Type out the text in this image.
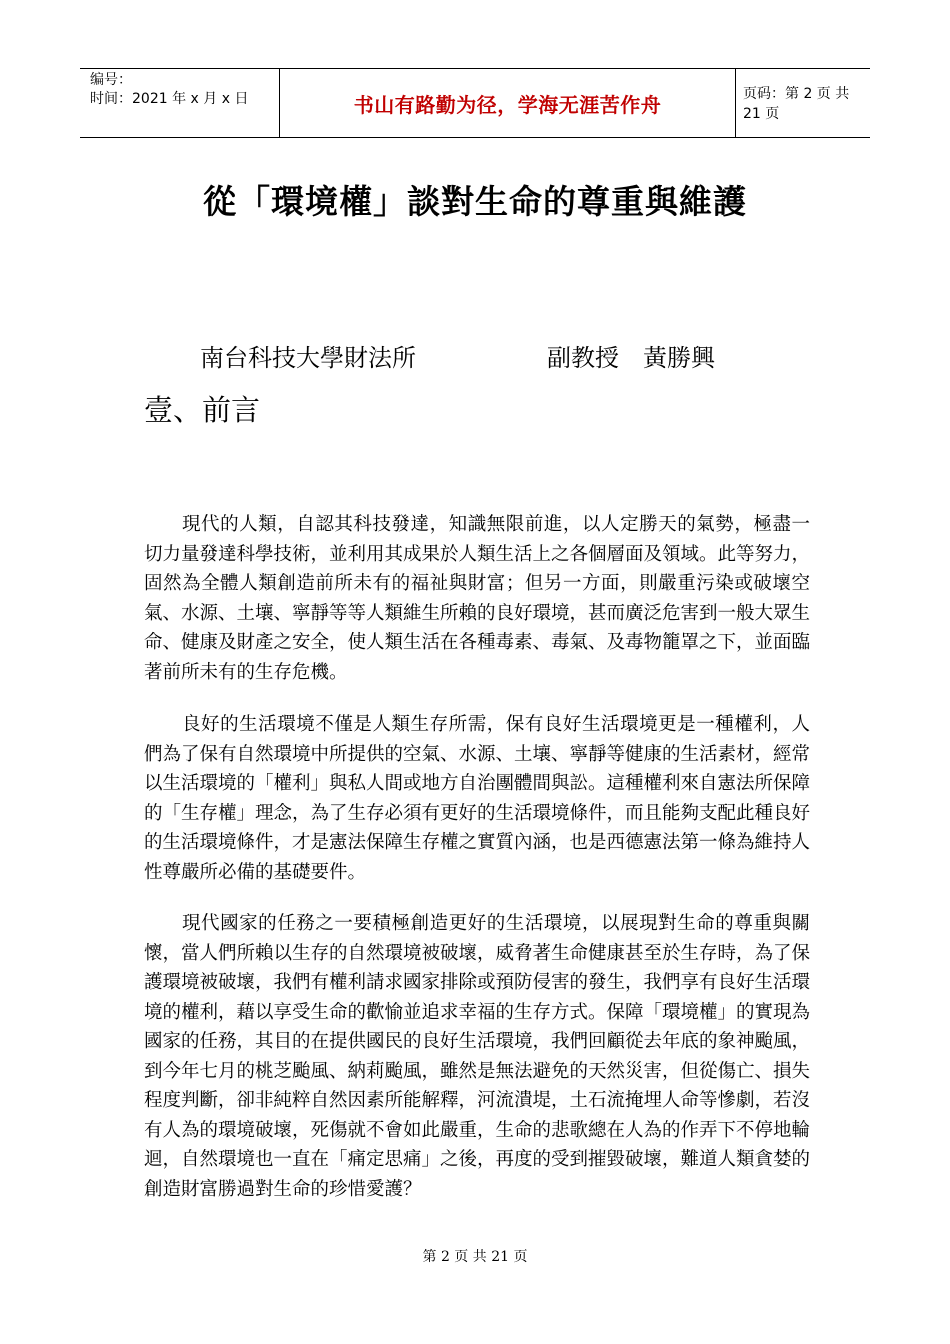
编号：
时间：2021 年 x 月 x 日	书山有路勤为径，学海无涯苦作舟	页码：第 2 页 共 21 页
從「環境權」談對生命的尊重與維護
南台科技大學財法所	副教授　黃勝興
壹、前言
現代的人類，自認其科技發達，知識無限前進，以人定勝天的氣勢，極盡一切力量發達科學技術，並利用其成果於人類生活上之各個層面及領域。此等努力，固然為全體人類創造前所未有的福祉與財富；但另一方面，則嚴重污染或破壞空氣、水源、土壤、寧靜等等人類維生所賴的良好環境，甚而廣泛危害到一般大眾生命、健康及財產之安全，使人類生活在各種毒素、毒氣、及毒物籠罩之下，並面臨著前所未有的生存危機。
良好的生活環境不僅是人類生存所需，保有良好生活環境更是一種權利，人們為了保有自然環境中所提供的空氣、水源、土壤、寧靜等健康的生活素材，經常以生活環境的「權利」與私人間或地方自治團體間與訟。這種權利來自憲法所保障的「生存權」理念，為了生存必須有更好的生活環境條件，而且能夠支配此種良好的生活環境條件，才是憲法保障生存權之實質內涵，也是西德憲法第一條為維持人性尊嚴所必備的基礎要件。
現代國家的任務之一要積極創造更好的生活環境，以展現對生命的尊重與關懷，當人們所賴以生存的自然環境被破壞，威脅著生命健康甚至於生存時，為了保護環境被破壞，我們有權利請求國家排除或預防侵害的發生，我們享有良好生活環境的權利，藉以享受生命的歡愉並追求幸福的生存方式。保障「環境權」的實現為國家的任務，其目的在提供國民的良好生活環境，我們回顧從去年底的象神颱風，到今年七月的桃芝颱風、納莉颱風，雖然是無法避免的天然災害，但從傷亡、損失程度判斷，卻非純粹自然因素所能解釋，河流潰堤，土石流掩埋人命等慘劇，若沒有人為的環境破壞，死傷就不會如此嚴重，生命的悲歌總在人為的作弄下不停地輪迴，自然環境也一直在「痛定思痛」之後，再度的受到摧毀破壞，難道人類貪婪的創造財富勝過對生命的珍惜愛護？
第 2 页 共 21 页
